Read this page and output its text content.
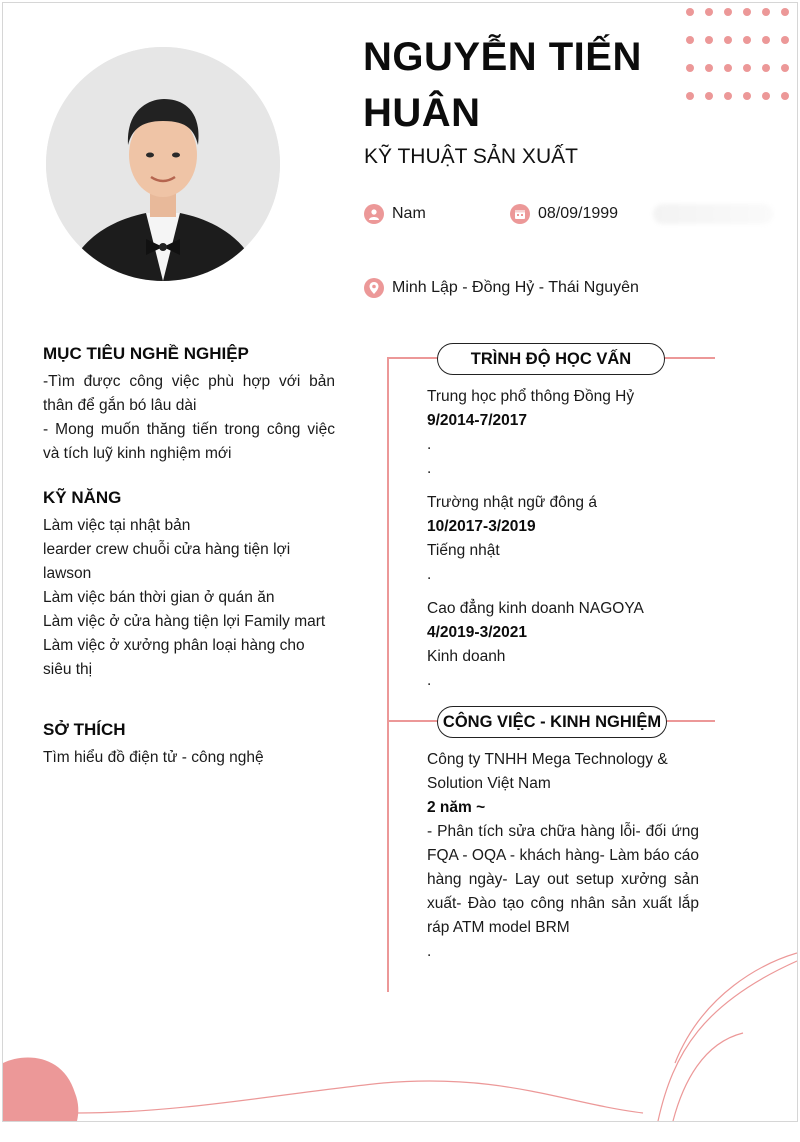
NGUYỄN TIẾN
HUÂN
KỸ THUẬT SẢN XUẤT
Nam	08/09/1999
Minh Lập - Đồng Hỷ - Thái Nguyên
MỤC TIÊU NGHỀ NGHIỆP
-Tìm được công việc phù hợp với bản thân để gắn bó lâu dài
- Mong muốn thăng tiến trong công việc và tích luỹ kinh nghiệm mới
KỸ NĂNG
Làm việc tại nhật bản
learder crew chuỗi cửa hàng tiện lợi lawson
Làm việc bán thời gian ở quán ăn
Làm việc ở cửa hàng tiện lợi Family mart
Làm việc ở xưởng phân loại hàng cho siêu thị
SỞ THÍCH
Tìm hiểu đồ điện tử - công nghệ
TRÌNH ĐỘ HỌC VẤN
Trung học phổ thông Đồng Hỷ
9/2014-7/2017
.
.
Trường nhật ngữ đông á
10/2017-3/2019
Tiếng nhật
.
Cao đẳng kinh doanh NAGOYA
4/2019-3/2021
Kinh doanh
.
CÔNG VIỆC - KINH NGHIỆM
Công ty TNHH Mega Technology & Solution Việt Nam
2 năm ~
- Phân tích sửa chữa hàng lỗi- đối ứng FQA - OQA - khách hàng- Làm báo cáo hàng ngày- Lay out setup xưởng sản xuất- Đào tạo công nhân sản xuất lắp ráp ATM model BRM
.
